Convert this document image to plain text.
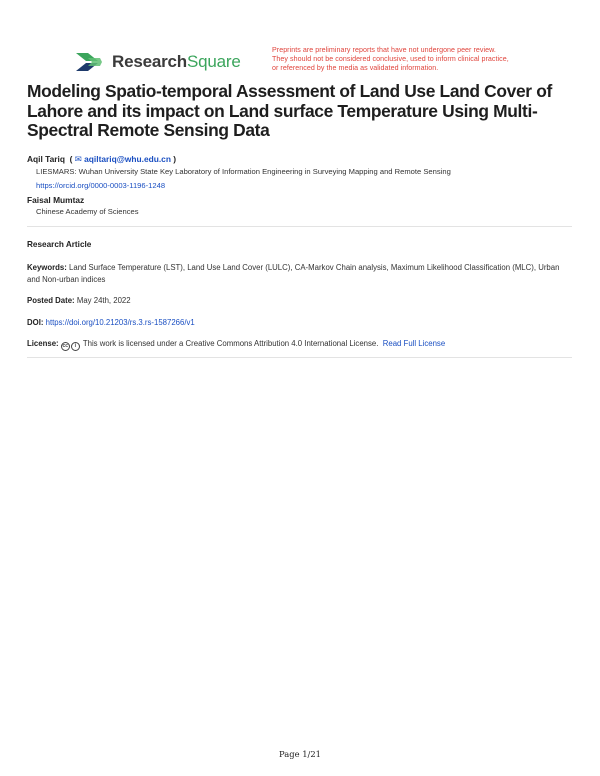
ResearchSquare
Preprints are preliminary reports that have not undergone peer review.
They should not be considered conclusive, used to inform clinical practice,
or referenced by the media as validated information.
Modeling Spatio-temporal Assessment of Land Use Land Cover of Lahore and its impact on Land surface Temperature Using Multi-Spectral Remote Sensing Data
Aqil Tariq  ( ✉ aqiltariq@whu.edu.cn )
LIESMARS: Wuhan University State Key Laboratory of Information Engineering in Surveying Mapping and Remote Sensing
https://orcid.org/0000-0003-1196-1248
Faisal Mumtaz
Chinese Academy of Sciences
Research Article
Keywords: Land Surface Temperature (LST), Land Use Land Cover (LULC), CA-Markov Chain analysis, Maximum Likelihood Classification (MLC), Urban and Non-urban indices
Posted Date: May 24th, 2022
DOI: https://doi.org/10.21203/rs.3.rs-1587266/v1
License: cc i This work is licensed under a Creative Commons Attribution 4.0 International License. Read Full License
Page 1/21
